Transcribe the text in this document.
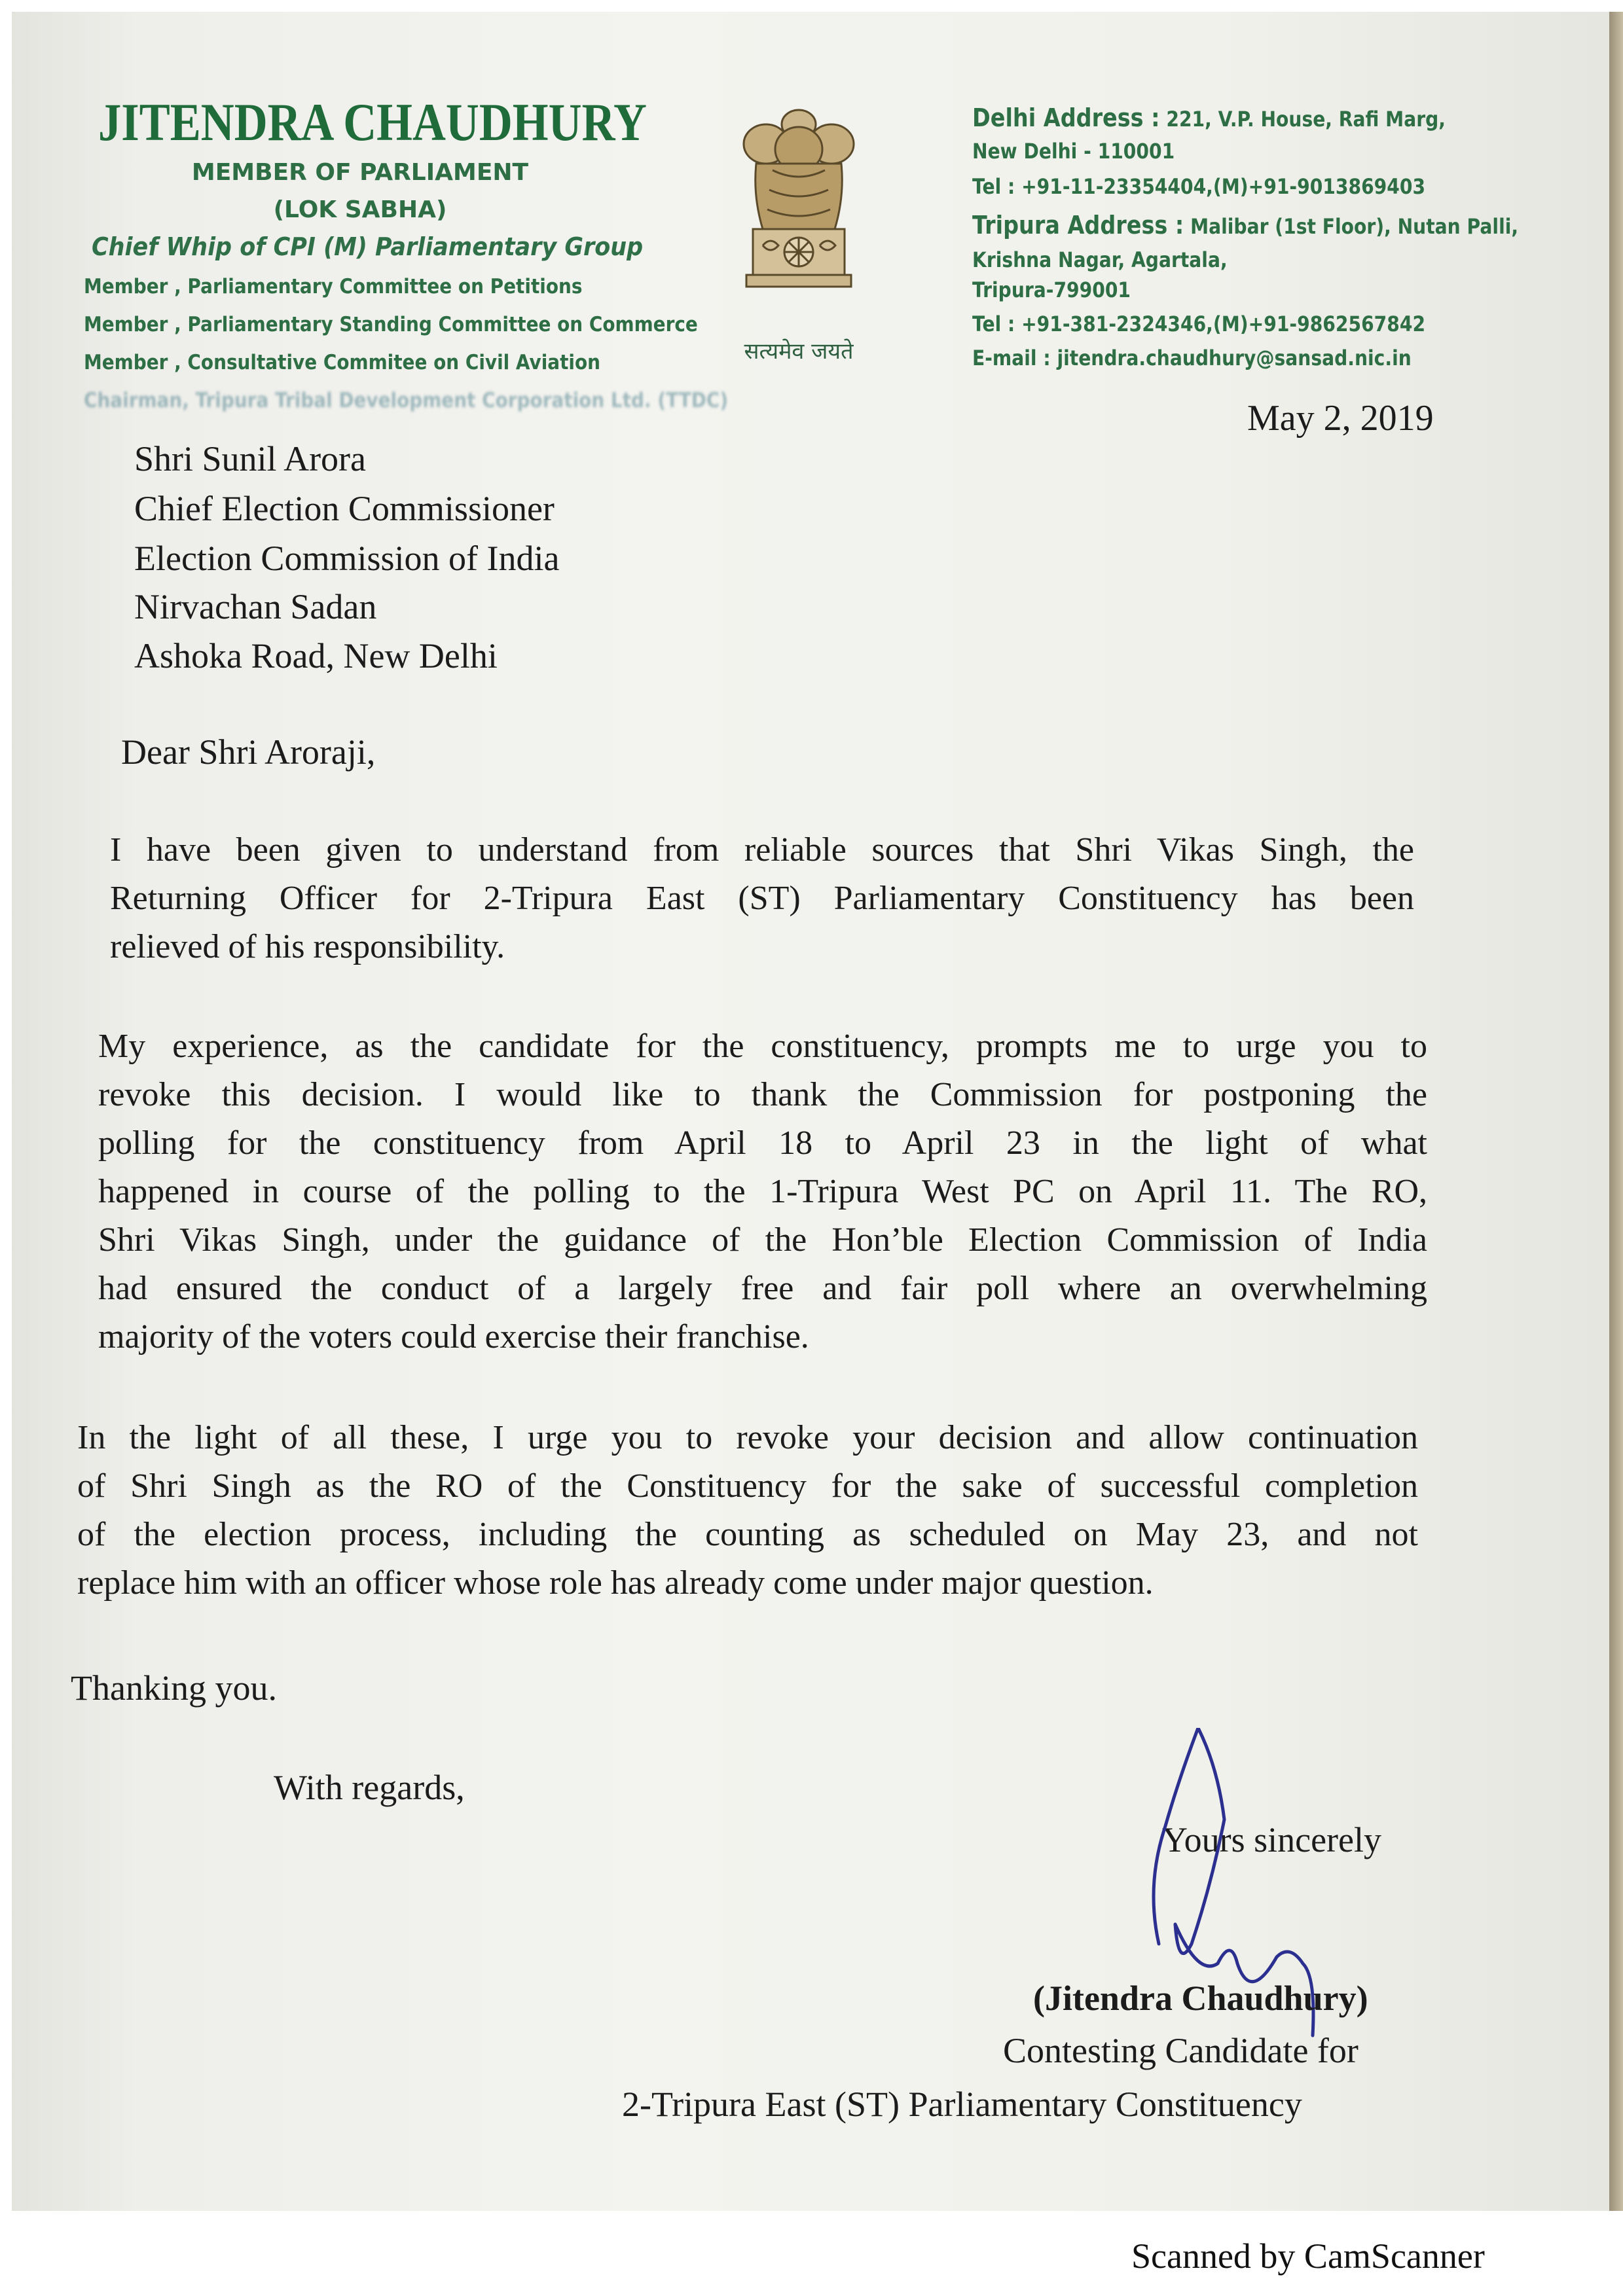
JITENDRA CHAUDHURY
MEMBER OF PARLIAMENT
(LOK SABHA)
Chief Whip of CPI (M) Parliamentary Group
Member , Parliamentary Committee on Petitions
Member , Parliamentary Standing Committee on Commerce
Member , Consultative Commitee on Civil Aviation
Chairman, Tripura Tribal Development Corporation Ltd. (TTDC)
सत्यमेव जयते
Delhi Address : 221, V.P. House, Rafi Marg,
New Delhi - 110001
Tel : +91-11-23354404,(M)+91-9013869403
Tripura Address : Malibar (1st Floor), Nutan Palli,
Krishna Nagar, Agartala,
Tripura-799001
Tel : +91-381-2324346,(M)+91-9862567842
E-mail : jitendra.chaudhury@sansad.nic.in
May 2, 2019
Shri Sunil Arora
Chief Election Commissioner
Election Commission of India
Nirvachan Sadan
Ashoka Road, New Delhi
Dear Shri Aroraji,
I have been given to understand from reliable sources that Shri Vikas Singh, the
Returning Officer for 2-Tripura East (ST) Parliamentary Constituency has been
relieved of his responsibility.
My experience, as the candidate for the constituency, prompts me to urge you to
revoke this decision. I would like to thank the Commission for postponing the
polling for the constituency from April 18 to April 23 in the light of what
happened in course of the polling to the 1-Tripura West PC on April 11. The RO,
Shri Vikas Singh, under the guidance of the Hon’ble Election Commission of India
had ensured the conduct of a largely free and fair poll where an overwhelming
majority of the voters could exercise their franchise.
In the light of all these, I urge you to revoke your decision and allow continuation
of Shri Singh as the RO of the Constituency for the sake of successful completion
of the election process, including the counting as scheduled on May 23, and not
replace him with an officer whose role has already come under major question.
Thanking you.
With regards,
Yours sincerely
(Jitendra Chaudhury)
Contesting Candidate for
2-Tripura East (ST) Parliamentary Constituency
Scanned by CamScanner
